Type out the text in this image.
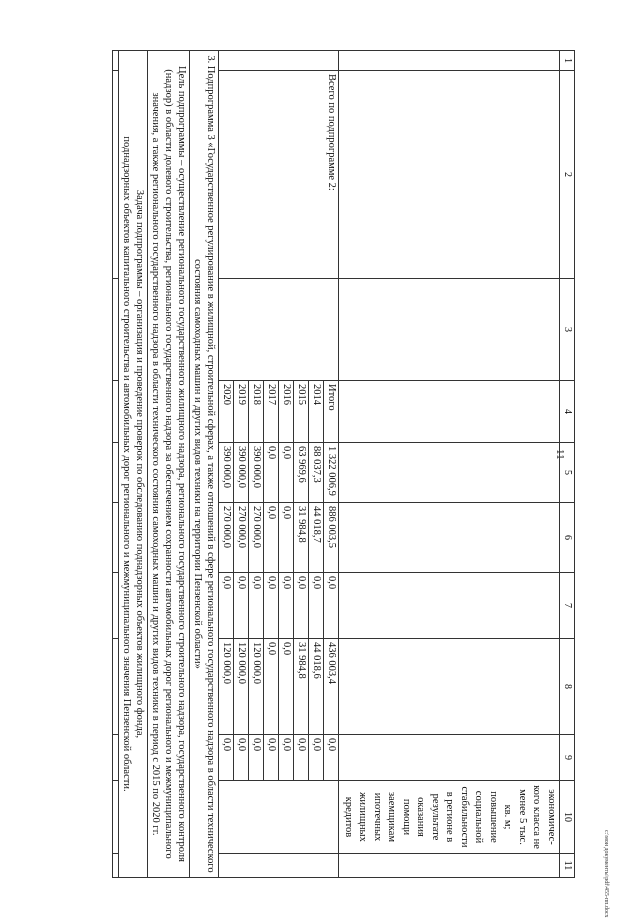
11
1	2	3	4	5	6	7	8	9	10	11
									экономичес-кого класса не менее 5 тыс. кв. м; повышение социальной стабильности в регионе в результате оказания помощи заемщикам ипотечных жилищных кредитов	
	Всего по подпрограмме 2:		Итого	1 322 006,9	886 003,5	0,0	436 003,4	0,0		
			2014	88 037,3	44 018,7	0,0	44 018,6	0,0		
			2015	63 969,6	31 984,8	0,0	31 984,8	0,0		
			2016	0,0	0,0	0,0	0,0	0,0		
			2017	0,0	0,0	0,0	0,0	0,0		
			2018	390 000,0	270 000,0	0,0	120 000,0	0,0		
			2019	390 000,0	270 000,0	0,0	120 000,0	0,0		
			2020	390 000,0	270 000,0	0,0	120 000,0	0,0		
3. Подпрограмма 3 «Государственное регулирование в жилищной, строительной сферах, а также отношений в сфере регионального государственного надзора в области технического состояния самоходных машин и других видов техники на территории Пензенской области»										
Цель подпрограммы – осуществление регионального государственного жилищного надзора, регионального государственного строительного надзора, государственного контроля (надзор) в области долевого строительства, регионального государственного надзора за обеспечением сохранности автомобильных дорог регионального и межмуниципального значения, а также регионального государственного надзора в области технического состояния самоходных машин и других видов техники в период с 2015 по 2020 гг.										

Задача подпрограммы – организация и проведение проверок по обследованию поднадзорных объектов жилищного фонда,
поднадзорных объектов капитального строительства и автомобильных дорог регионального и межмуниципального значения Пензенской области.										

c:\мои документы\pdf\455-пп.docx
